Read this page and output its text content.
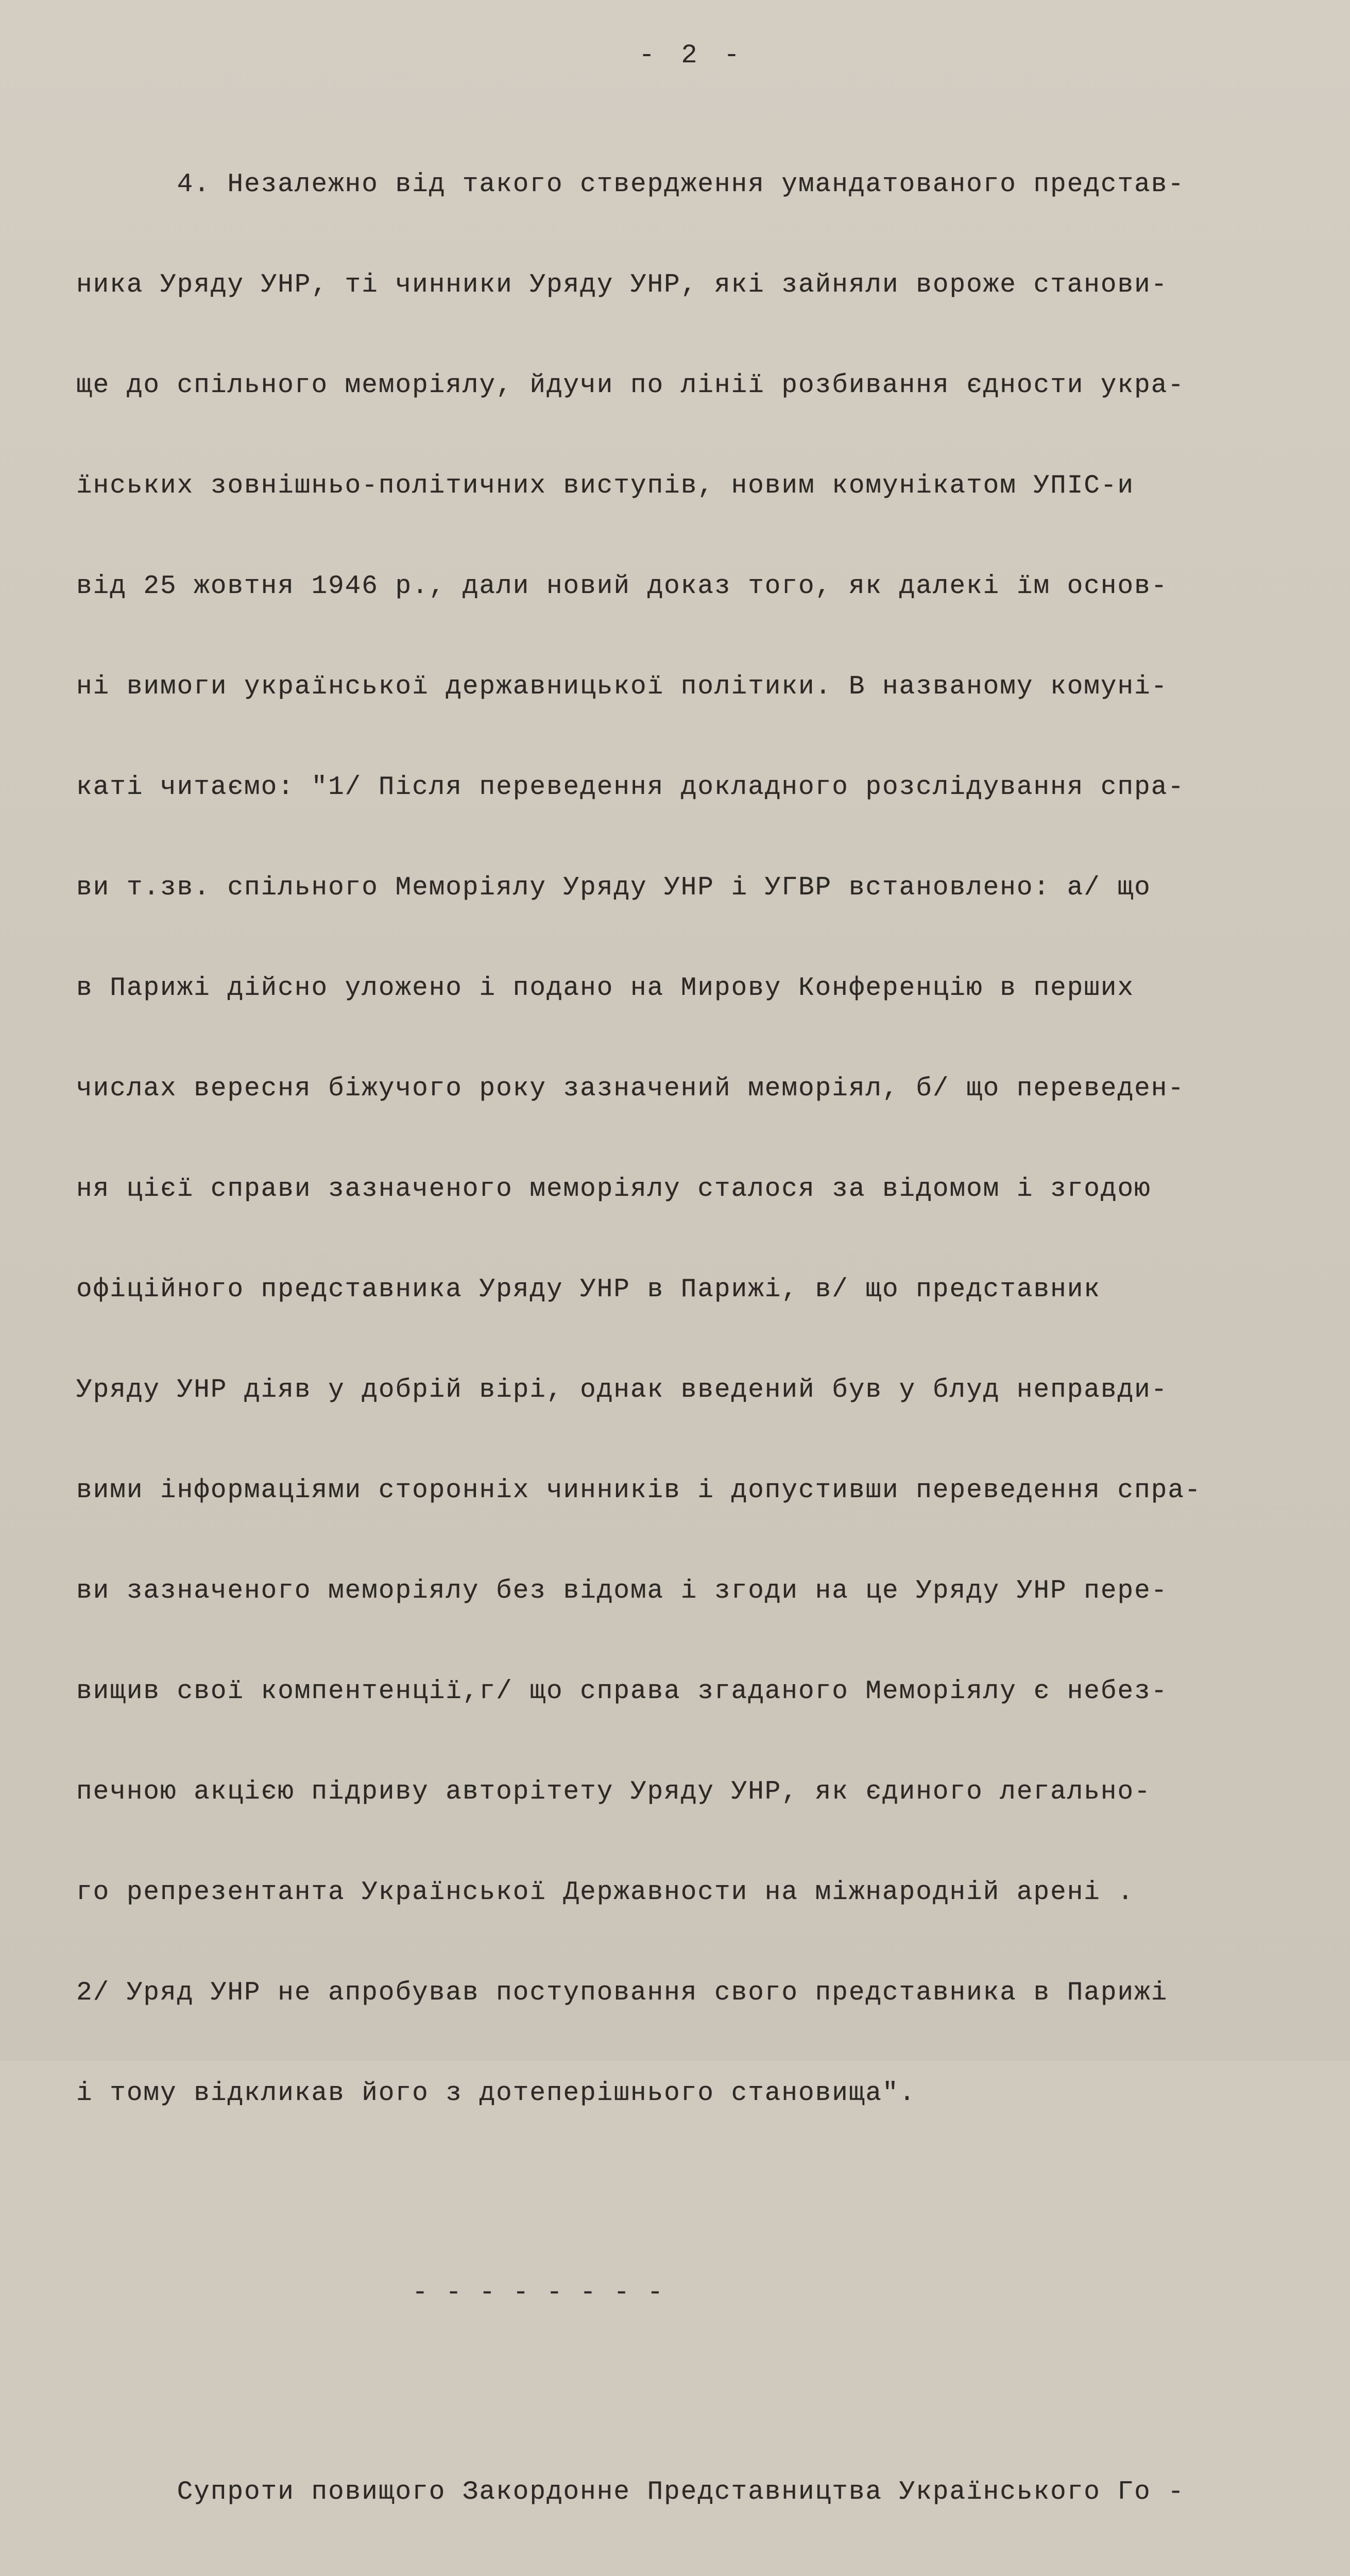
- 2 -

4. Незалежно від такого ствердження умандатованого представ-

ника Уряду УНР, ті чинники Уряду УНР, які зайняли вороже станови-

ще до спільного меморіялу, йдучи по лінії розбивання єдности укра-

їнських зовнішньо-політичних виступів, новим комунікатом УПІС-и

від 25 жовтня 1946 р., дали новий доказ того, як далекі їм основ-

ні вимоги української державницької політики. В названому комуні-

каті читаємо: "1/ Після переведення докладного розслідування спра-

ви т.зв. спільного Меморіялу Уряду УНР і УГВР встановлено: а/ що

в Парижі дійсно уложено і подано на Мирову Конференцію в перших

числах вересня біжучого року зазначений меморіял, б/ що переведен-

ня цієї справи зазначеного меморіялу сталося за відомом і згодою

офіційного представника Уряду УНР в Парижі, в/ що представник

Уряду УНР діяв у добрій вірі, однак введений був у блуд неправди-

вими інформаціями сторонніх чинників і допустивши переведення спра-

ви зазначеного меморіялу без відома і згоди на це Уряду УНР пере-

вищив свої компентенції,г/ що справа згаданого Меморіялу є небез-

печною акцією підриву авторітету Уряду УНР, як єдиного легально-

го репрезентанта Української Державности на міжнародній арені .

2/ Уряд УНР не апробував поступовання свого представника в Парижі

і тому відкликав його з дотеперішнього становища".

- - - - - - - -

Супроти повищого Закордонне Представництва Українського Го -
